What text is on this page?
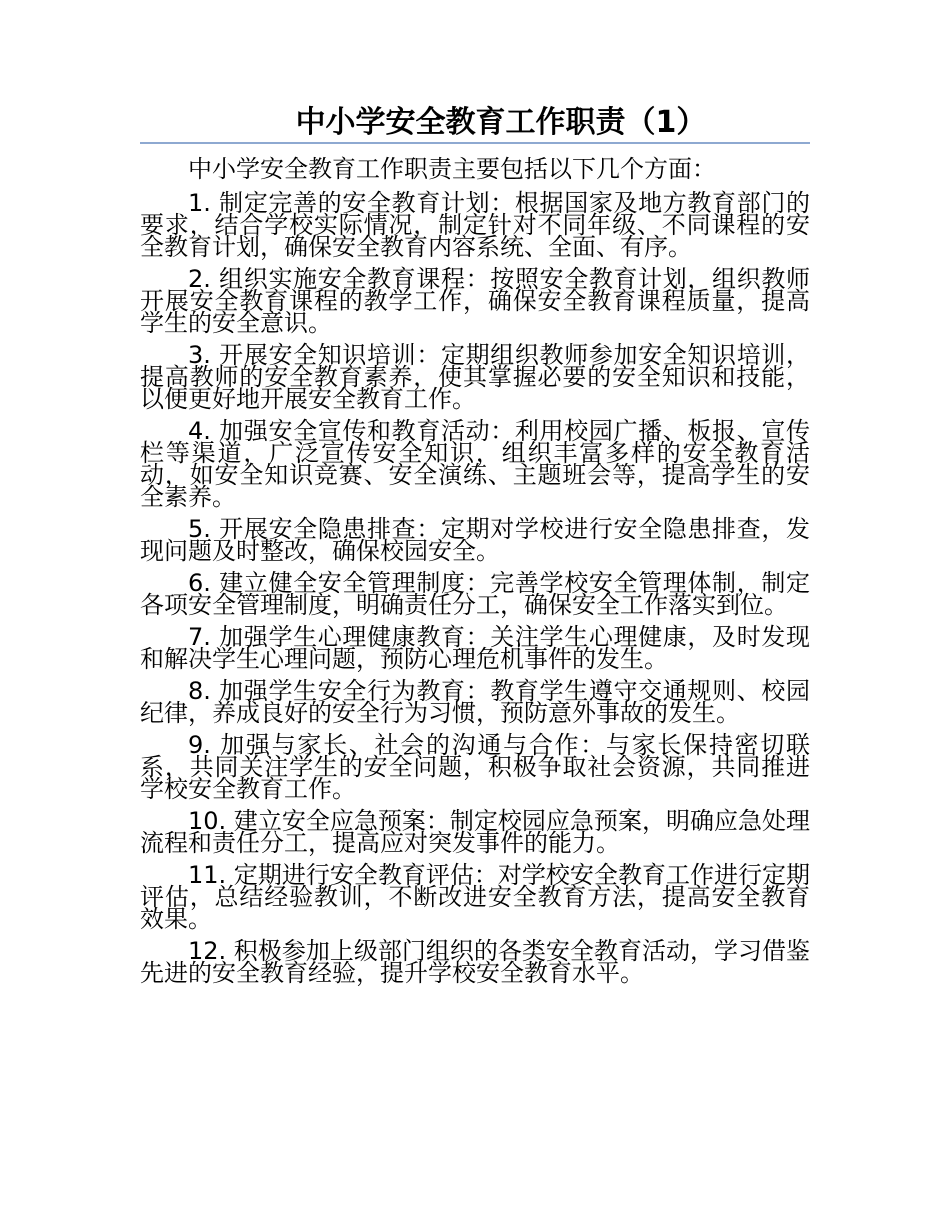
中小学安全教育工作职责（1）

中小学安全教育工作职责主要包括以下几个方面：

1. 制定完善的安全教育计划：根据国家及地方教育部门的要求，结合学校实际情况，制定针对不同年级、不同课程的安全教育计划，确保安全教育内容系统、全面、有序。

2. 组织实施安全教育课程：按照安全教育计划，组织教师开展安全教育课程的教学工作，确保安全教育课程质量，提高学生的安全意识。

3. 开展安全知识培训：定期组织教师参加安全知识培训，提高教师的安全教育素养，使其掌握必要的安全知识和技能，以便更好地开展安全教育工作。

4. 加强安全宣传和教育活动：利用校园广播、板报、宣传栏等渠道，广泛宣传安全知识，组织丰富多样的安全教育活动，如安全知识竞赛、安全演练、主题班会等，提高学生的安全素养。

5. 开展安全隐患排查：定期对学校进行安全隐患排查，发现问题及时整改，确保校园安全。

6. 建立健全安全管理制度：完善学校安全管理体制，制定各项安全管理制度，明确责任分工，确保安全工作落实到位。

7. 加强学生心理健康教育：关注学生心理健康，及时发现和解决学生心理问题，预防心理危机事件的发生。

8. 加强学生安全行为教育：教育学生遵守交通规则、校园纪律，养成良好的安全行为习惯，预防意外事故的发生。

9. 加强与家长、社会的沟通与合作：与家长保持密切联系，共同关注学生的安全问题，积极争取社会资源，共同推进学校安全教育工作。

10. 建立安全应急预案：制定校园应急预案，明确应急处理流程和责任分工，提高应对突发事件的能力。

11. 定期进行安全教育评估：对学校安全教育工作进行定期评估，总结经验教训，不断改进安全教育方法，提高安全教育效果。

12. 积极参加上级部门组织的各类安全教育活动，学习借鉴先进的安全教育经验，提升学校安全教育水平。
